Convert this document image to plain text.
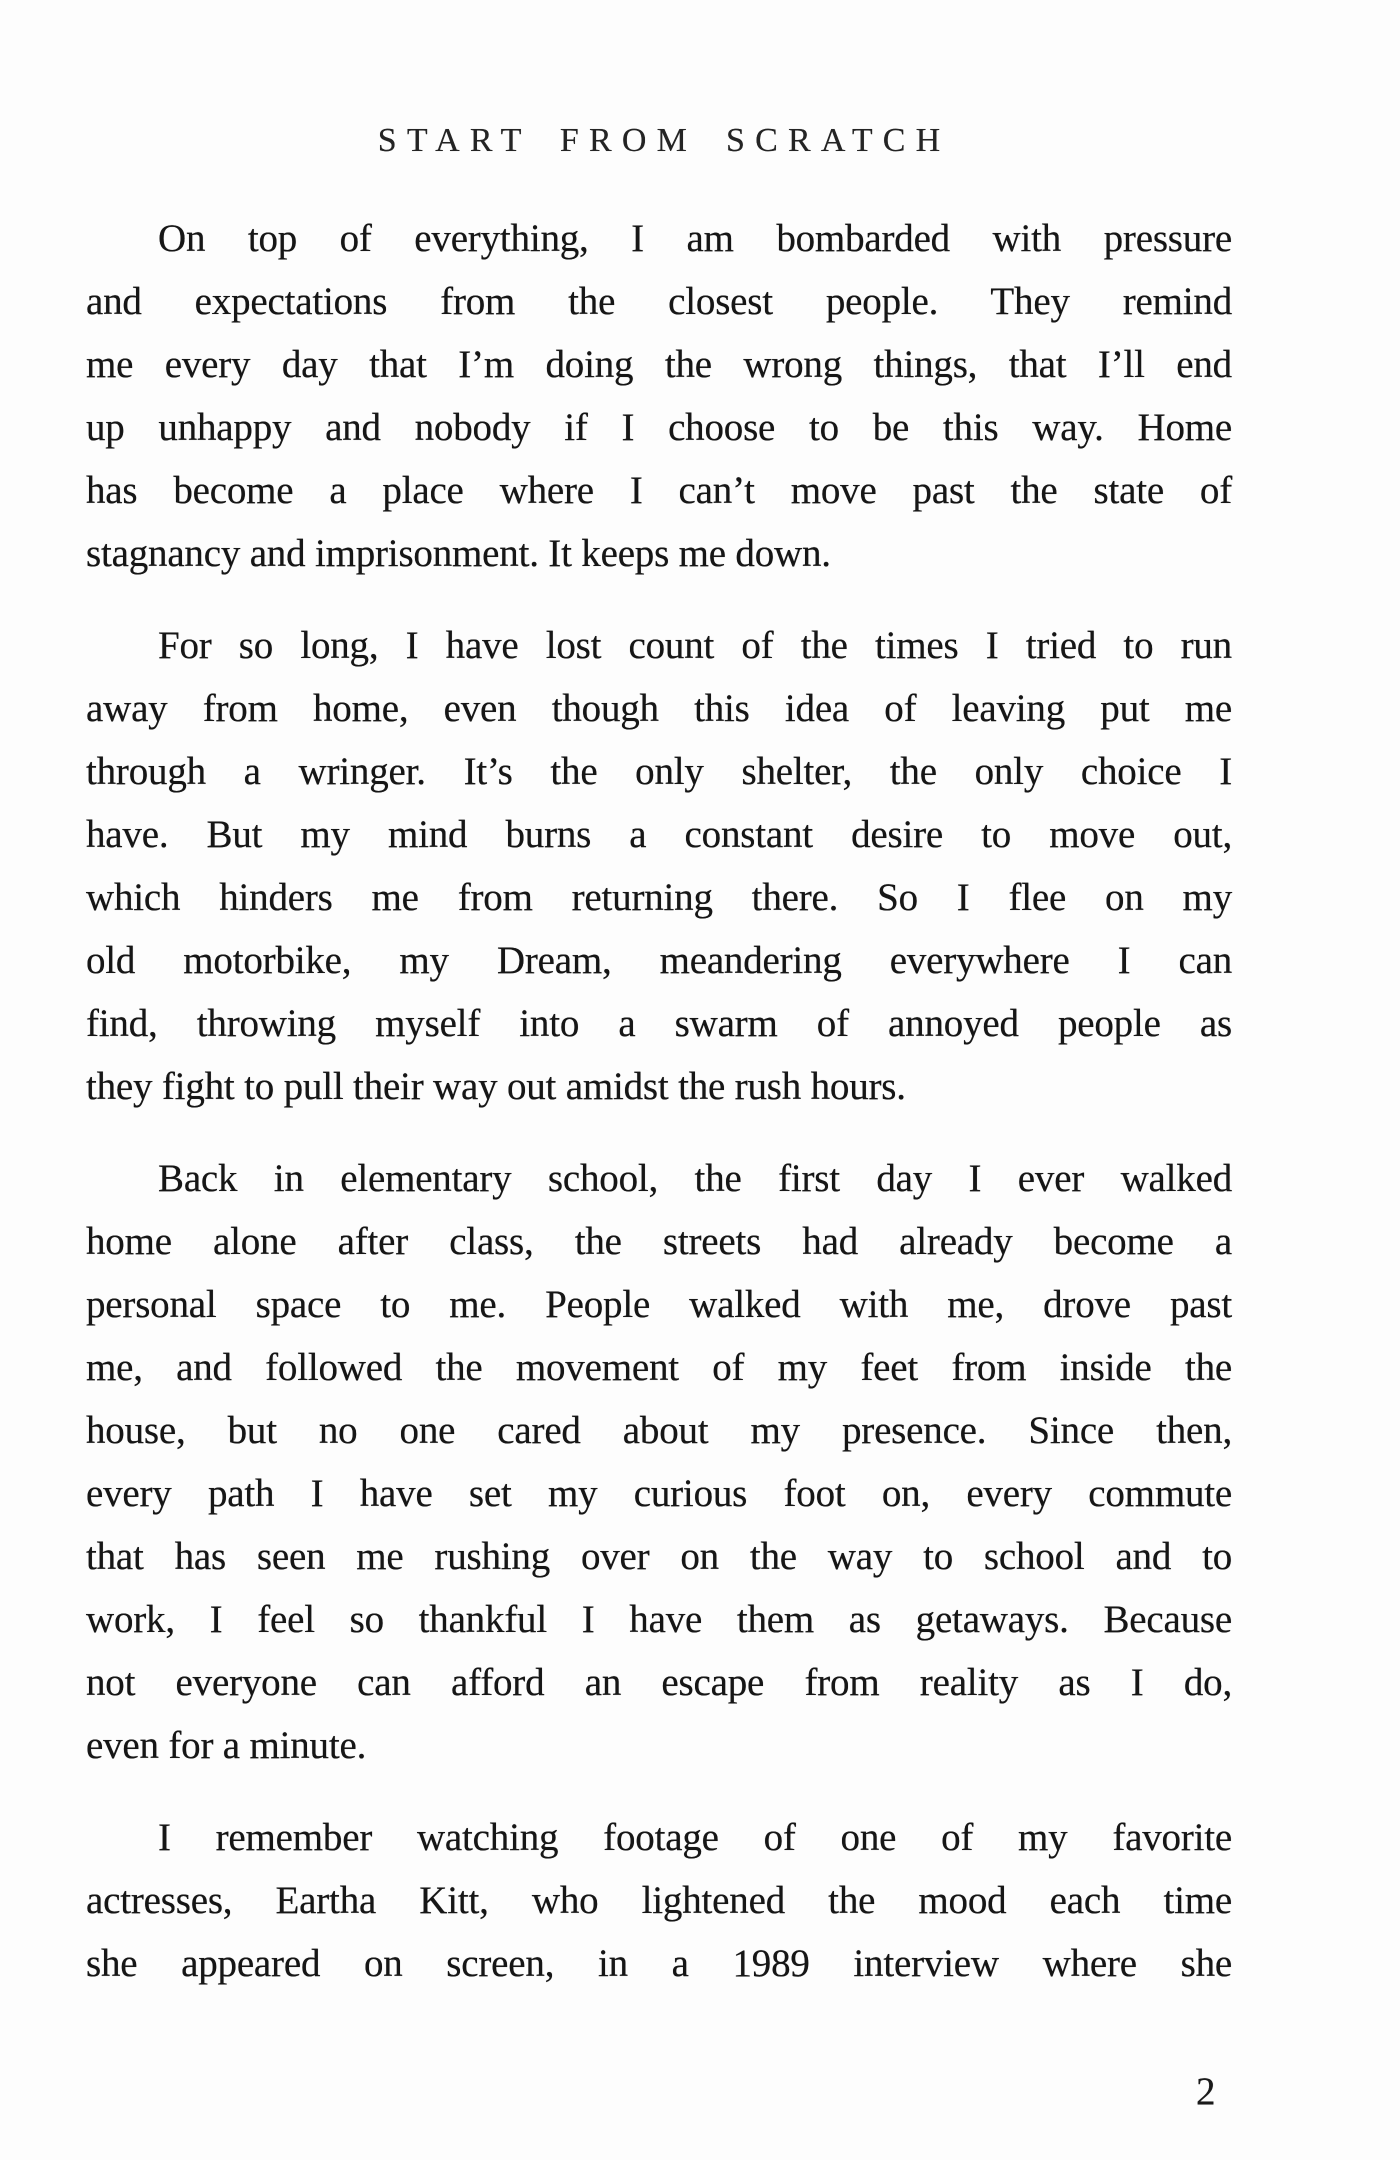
START FROM SCRATCH
On top of everything, I am bombarded with pressure
and expectations from the closest people. They remind
me every day that I’m doing the wrong things, that I’ll end
up unhappy and nobody if I choose to be this way. Home
has become a place where I can’t move past the state of
stagnancy and imprisonment. It keeps me down.
For so long, I have lost count of the times I tried to run
away from home, even though this idea of leaving put me
through a wringer. It’s the only shelter, the only choice I
have. But my mind burns a constant desire to move out,
which hinders me from returning there. So I flee on my
old motorbike, my Dream, meandering everywhere I can
find, throwing myself into a swarm of annoyed people as
they fight to pull their way out amidst the rush hours.
Back in elementary school, the first day I ever walked
home alone after class, the streets had already become a
personal space to me. People walked with me, drove past
me, and followed the movement of my feet from inside the
house, but no one cared about my presence. Since then,
every path I have set my curious foot on, every commute
that has seen me rushing over on the way to school and to
work, I feel so thankful I have them as getaways. Because
not everyone can afford an escape from reality as I do,
even for a minute.
I remember watching footage of one of my favorite
actresses, Eartha Kitt, who lightened the mood each time
she appeared on screen, in a 1989 interview where she
2
